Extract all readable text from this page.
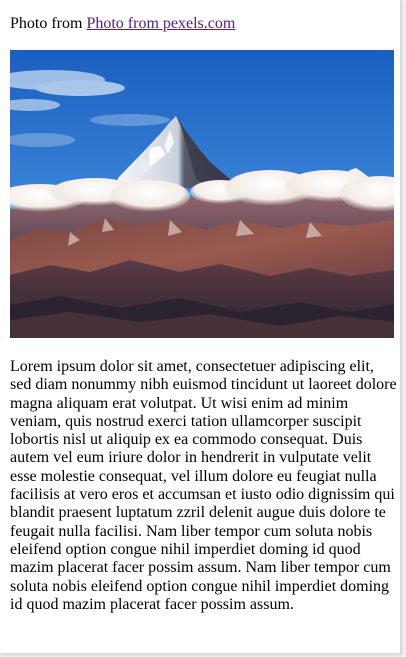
Photo from Photo from pexels.com

Lorem ipsum dolor sit amet, consectetuer adipiscing elit, sed diam nonummy nibh euismod tincidunt ut laoreet dolore magna aliquam erat volutpat. Ut wisi enim ad minim veniam, quis nostrud exerci tation ullamcorper suscipit lobortis nisl ut aliquip ex ea commodo consequat. Duis autem vel eum iriure dolor in hendrerit in vulputate velit esse molestie consequat, vel illum dolore eu feugiat nulla facilisis at vero eros et accumsan et iusto odio dignissim qui blandit praesent luptatum zzril delenit augue duis dolore te feugait nulla facilisi. Nam liber tempor cum soluta nobis eleifend option congue nihil imperdiet doming id quod mazim placerat facer possim assum. Nam liber tempor cum soluta nobis eleifend option congue nihil imperdiet doming id quod mazim placerat facer possim assum.
